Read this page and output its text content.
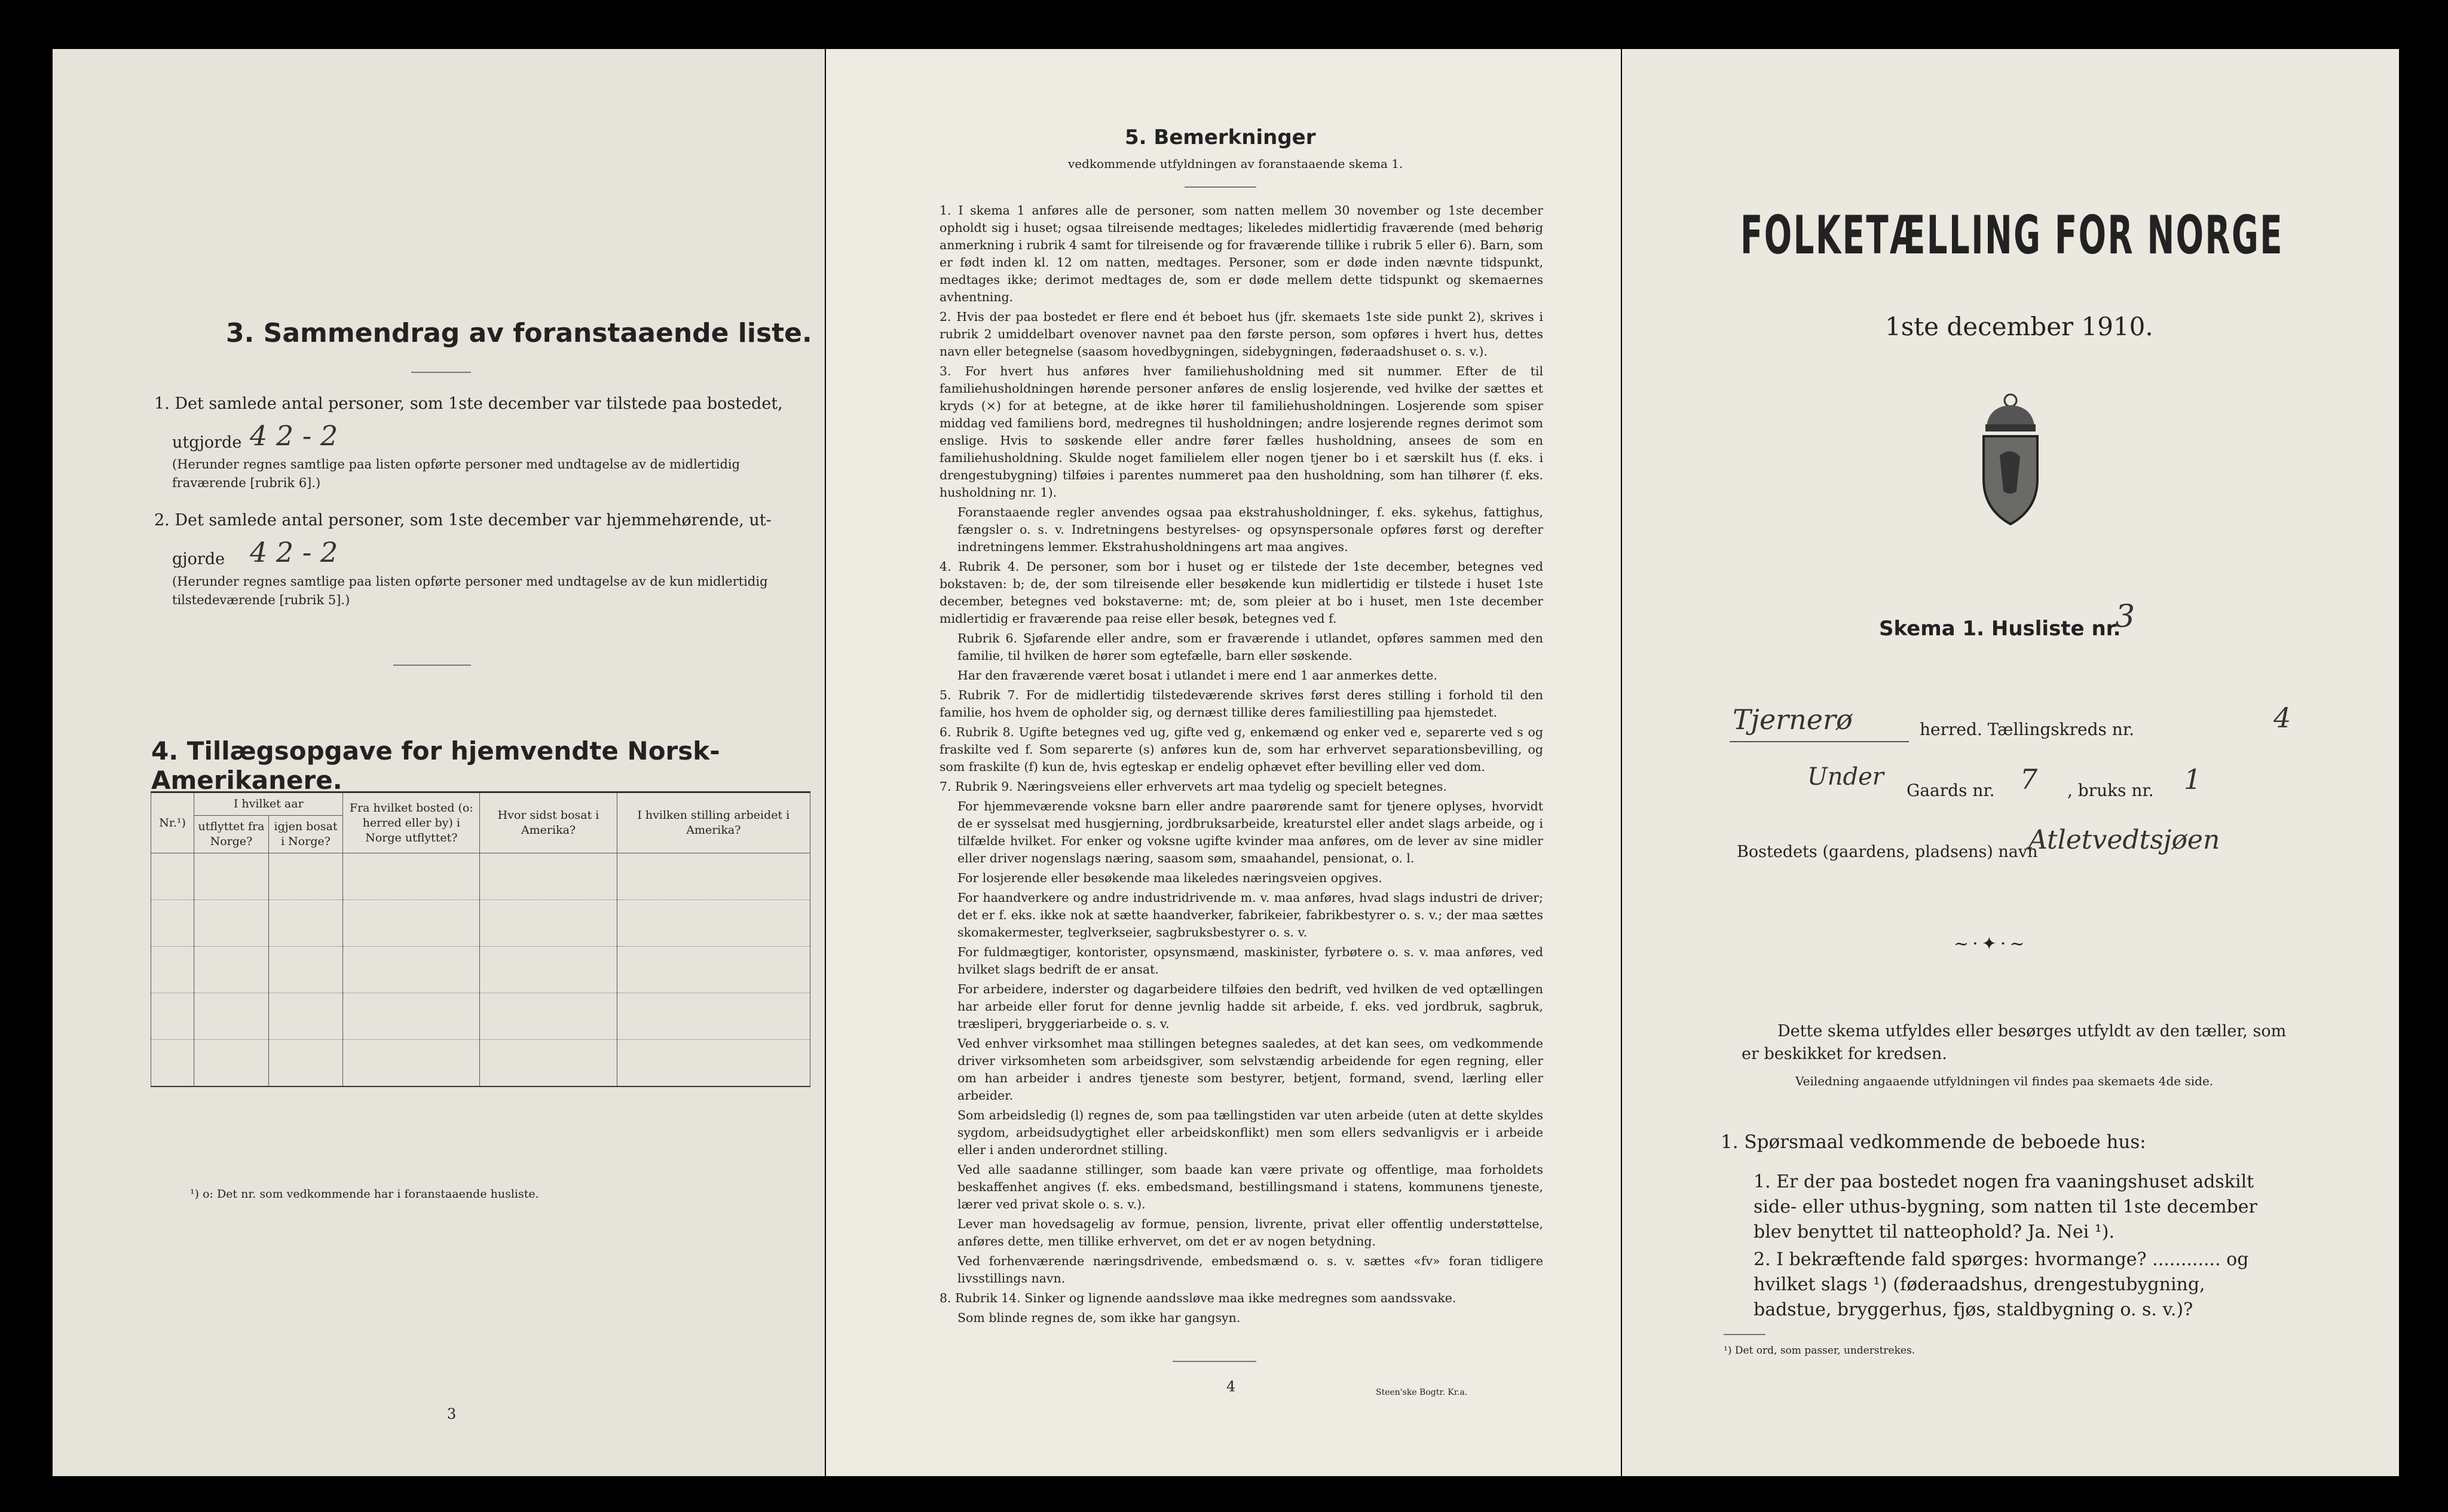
3. Sammendrag av foranstaaende liste.
1. Det samlede antal personer, som 1ste december var tilstede paa bostedet,
utgjorde 4 2 - 2
(Herunder regnes samtlige paa listen opførte personer med undtagelse av de midlertidig fraværende [rubrik 6].)
2. Det samlede antal personer, som 1ste december var hjemmehørende, ut-
gjorde 4 2 - 2
(Herunder regnes samtlige paa listen opførte personer med undtagelse av de kun midlertidig tilstedeværende [rubrik 5].)
4. Tillægsopgave for hjemvendte Norsk-Amerikanere.
Nr.¹)	I hvilket aar		Fra hvilket bosted (o: herred eller by) i Norge utflyttet?	Hvor sidst bosat i Amerika?	I hvilken stilling arbeidet i Amerika?
	utflyttet fra Norge?	igjen bosat i Norge?			

¹) o: Det nr. som vedkommende har i foranstaaende husliste.
3
5. Bemerkninger
vedkommende utfyldningen av foranstaaende skema 1.

1. I skema 1 anføres alle de personer, som natten mellem 30 november og 1ste december opholdt sig i huset; ogsaa tilreisende medtages; likeledes midlertidig fraværende (med behørig anmerkning i rubrik 4 samt for tilreisende og for fraværende tillike i rubrik 5 eller 6). Barn, som er født inden kl. 12 om natten, medtages. Personer, som er døde inden nævnte tidspunkt, medtages ikke; derimot medtages de, som er døde mellem dette tidspunkt og skemaernes avhentning.

2. Hvis der paa bostedet er flere end ét beboet hus (jfr. skemaets 1ste side punkt 2), skrives i rubrik 2 umiddelbart ovenover navnet paa den første person, som opføres i hvert hus, dettes navn eller betegnelse (saasom hovedbygningen, sidebygningen, føderaadshuset o. s. v.).

3. For hvert hus anføres hver familiehusholdning med sit nummer. Efter de til familiehusholdningen hørende personer anføres de enslig losjerende, ved hvilke der sættes et kryds (×) for at betegne, at de ikke hører til familiehusholdningen. Losjerende som spiser middag ved familiens bord, medregnes til husholdningen; andre losjerende regnes derimot som enslige. Hvis to søskende eller andre fører fælles husholdning, ansees de som en familiehusholdning. Skulde noget familielem eller nogen tjener bo i et særskilt hus (f. eks. i drengestubygning) tilføies i parentes nummeret paa den husholdning, som han tilhører (f. eks. husholdning nr. 1).

Foranstaaende regler anvendes ogsaa paa ekstrahusholdninger, f. eks. sykehus, fattighus, fængsler o. s. v. Indretningens bestyrelses- og opsynspersonale opføres først og derefter indretningens lemmer. Ekstrahusholdningens art maa angives.

4. Rubrik 4. De personer, som bor i huset og er tilstede der 1ste december, betegnes ved bokstaven: b; de, der som tilreisende eller besøkende kun midlertidig er tilstede i huset 1ste december, betegnes ved bokstaverne: mt; de, som pleier at bo i huset, men 1ste december midlertidig er fraværende paa reise eller besøk, betegnes ved f.

Rubrik 6. Sjøfarende eller andre, som er fraværende i utlandet, opføres sammen med den familie, til hvilken de hører som egtefælle, barn eller søskende.

Har den fraværende været bosat i utlandet i mere end 1 aar anmerkes dette.

5. Rubrik 7. For de midlertidig tilstedeværende skrives først deres stilling i forhold til den familie, hos hvem de opholder sig, og dernæst tillike deres familiestilling paa hjemstedet.

6. Rubrik 8. Ugifte betegnes ved ug, gifte ved g, enkemænd og enker ved e, separerte ved s og fraskilte ved f. Som separerte (s) anføres kun de, som har erhvervet separationsbevilling, og som fraskilte (f) kun de, hvis egteskap er endelig ophævet efter bevilling eller ved dom.

7. Rubrik 9. Næringsveiens eller erhvervets art maa tydelig og specielt betegnes.

For hjemmeværende voksne barn eller andre paarørende samt for tjenere oplyses, hvorvidt de er sysselsat med husgjerning, jordbruksarbeide, kreaturstel eller andet slags arbeide, og i tilfælde hvilket. For enker og voksne ugifte kvinder maa anføres, om de lever av sine midler eller driver nogenslags næring, saasom søm, smaahandel, pensionat, o. l.

For losjerende eller besøkende maa likeledes næringsveien opgives.

For haandverkere og andre industridrivende m. v. maa anføres, hvad slags industri de driver; det er f. eks. ikke nok at sætte haandverker, fabrikeier, fabrikbestyrer o. s. v.; der maa sættes skomakermester, teglverkseier, sagbruksbestyrer o. s. v.

For fuldmægtiger, kontorister, opsynsmænd, maskinister, fyrbøtere o. s. v. maa anføres, ved hvilket slags bedrift de er ansat.

For arbeidere, inderster og dagarbeidere tilføies den bedrift, ved hvilken de ved optællingen har arbeide eller forut for denne jevnlig hadde sit arbeide, f. eks. ved jordbruk, sagbruk, træsliperi, bryggeriarbeide o. s. v.

Ved enhver virksomhet maa stillingen betegnes saaledes, at det kan sees, om vedkommende driver virksomheten som arbeidsgiver, som selvstændig arbeidende for egen regning, eller om han arbeider i andres tjeneste som bestyrer, betjent, formand, svend, lærling eller arbeider.

Som arbeidsledig (l) regnes de, som paa tællingstiden var uten arbeide (uten at dette skyldes sygdom, arbeidsudygtighet eller arbeidskonflikt) men som ellers sedvanligvis er i arbeide eller i anden underordnet stilling.

Ved alle saadanne stillinger, som baade kan være private og offentlige, maa forholdets beskaffenhet angives (f. eks. embedsmand, bestillingsmand i statens, kommunens tjeneste, lærer ved privat skole o. s. v.).

Lever man hovedsagelig av formue, pension, livrente, privat eller offentlig understøttelse, anføres dette, men tillike erhvervet, om det er av nogen betydning.

Ved forhenværende næringsdrivende, embedsmænd o. s. v. sættes «fv» foran tidligere livsstillings navn.

8. Rubrik 14. Sinker og lignende aandssløve maa ikke medregnes som aandssvake.

Som blinde regnes de, som ikke har gangsyn.

4	Steen'ske Bogtr. Kr.a.
FOLKETÆLLING FOR NORGE
1ste december 1910.
Skema 1. Husliste nr.
3
Tjernerø	herred. Tællingskreds nr.	4
Under Gaards nr. 7 , bruks nr. 1
Bostedets (gaardens, pladsens) navn
Atletvedtsjøen
~·✦·~
Dette skema utfyldes eller besørges utfyldt av den tæller, som er beskikket for kredsen.
Veiledning angaaende utfyldningen vil findes paa skemaets 4de side.
1. Spørsmaal vedkommende de beboede hus:
1. Er der paa bostedet nogen fra vaaningshuset adskilt side- eller uthus-bygning, som natten til 1ste december blev benyttet til natteophold? Ja. Nei ¹).
2. I bekræftende fald spørges: hvormange? ............ og hvilket slags ¹) (føderaadshus, drengestubygning, badstue, bryggerhus, fjøs, staldbygning o. s. v.)?
¹) Det ord, som passer, understrekes.
